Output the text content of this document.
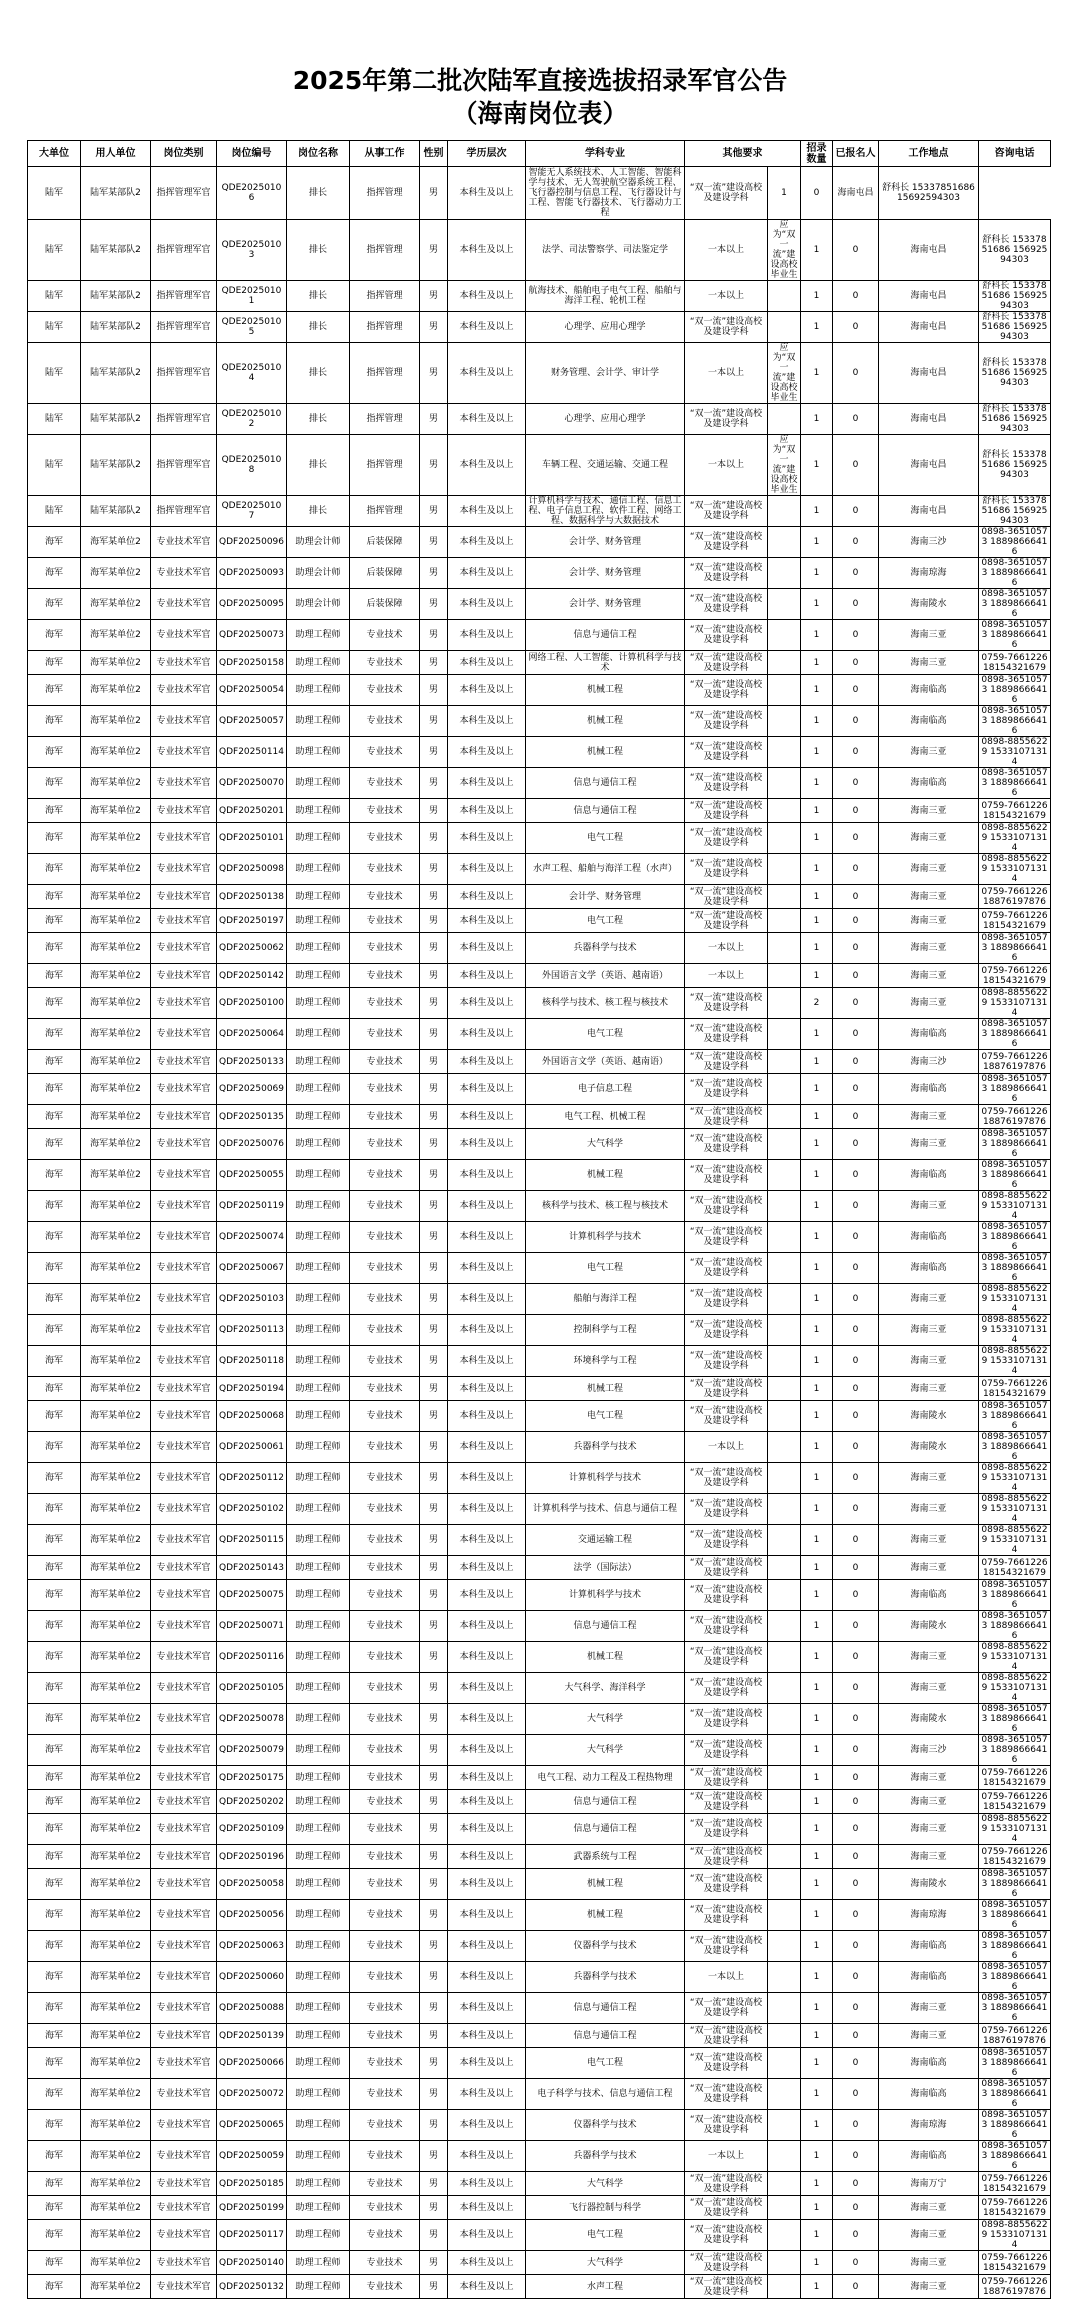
2025年第二批次陆军直接选拔招录军官公告
（海南岗位表）
大单位	用人单位	岗位类别	岗位编号	岗位名称	从事工作	性别	学历层次	学科专业	其他要求		招录数量	已报名人	工作地点	咨询电话
陆军	陆军某部队2	指挥管理军官	QDE20250106	排长	指挥管理	男	本科生及以上	智能无人系统技术、人工智能、智能科学与技术、无人驾驶航空器系统工程、飞行器控制与信息工程、飞行器设计与工程、智能飞行器技术、飞行器动力工程	“双一流”建设高校及建设学科	1	0	海南屯昌	舒科长 15337851686 15692594303	
陆军	陆军某部队2	指挥管理军官	QDE20250103	排长	指挥管理	男	本科生及以上	法学、司法警察学、司法鉴定学	一本以上	应为“双一流”建设高校毕业生	1	0	海南屯昌	舒科长 15337851686 15692594303
陆军	陆军某部队2	指挥管理军官	QDE20250101	排长	指挥管理	男	本科生及以上	航海技术、船舶电子电气工程、船舶与海洋工程、轮机工程	一本以上		1	0	海南屯昌	舒科长 15337851686 15692594303
陆军	陆军某部队2	指挥管理军官	QDE20250105	排长	指挥管理	男	本科生及以上	心理学、应用心理学	“双一流”建设高校及建设学科		1	0	海南屯昌	舒科长 15337851686 15692594303
陆军	陆军某部队2	指挥管理军官	QDE20250104	排长	指挥管理	男	本科生及以上	财务管理、会计学、审计学	一本以上	应为“双一流”建设高校毕业生	1	0	海南屯昌	舒科长 15337851686 15692594303
陆军	陆军某部队2	指挥管理军官	QDE20250102	排长	指挥管理	男	本科生及以上	心理学、应用心理学	“双一流”建设高校及建设学科		1	0	海南屯昌	舒科长 15337851686 15692594303
陆军	陆军某部队2	指挥管理军官	QDE20250108	排长	指挥管理	男	本科生及以上	车辆工程、交通运输、交通工程	一本以上	应为“双一流”建设高校毕业生	1	0	海南屯昌	舒科长 15337851686 15692594303
陆军	陆军某部队2	指挥管理军官	QDE20250107	排长	指挥管理	男	本科生及以上	计算机科学与技术、通信工程、信息工程、电子信息工程、软件工程、网络工程、数据科学与大数据技术	“双一流”建设高校及建设学科		1	0	海南屯昌	舒科长 15337851686 15692594303
海军	海军某单位2	专业技术军官	QDF20250096	助理会计师	后装保障	男	本科生及以上	会计学、财务管理	“双一流”建设高校及建设学科		1	0	海南三沙	0898-36510573 18898666416
海军	海军某单位2	专业技术军官	QDF20250093	助理会计师	后装保障	男	本科生及以上	会计学、财务管理	“双一流”建设高校及建设学科		1	0	海南琼海	0898-36510573 18898666416
海军	海军某单位2	专业技术军官	QDF20250095	助理会计师	后装保障	男	本科生及以上	会计学、财务管理	“双一流”建设高校及建设学科		1	0	海南陵水	0898-36510573 18898666416
海军	海军某单位2	专业技术军官	QDF20250073	助理工程师	专业技术	男	本科生及以上	信息与通信工程	“双一流”建设高校及建设学科		1	0	海南三亚	0898-36510573 18898666416
海军	海军某单位2	专业技术军官	QDF20250158	助理工程师	专业技术	男	本科生及以上	网络工程、人工智能、计算机科学与技术	“双一流”建设高校及建设学科		1	0	海南三亚	0759-7661226 18154321679
海军	海军某单位2	专业技术军官	QDF20250054	助理工程师	专业技术	男	本科生及以上	机械工程	“双一流”建设高校及建设学科		1	0	海南临高	0898-36510573 18898666416
海军	海军某单位2	专业技术军官	QDF20250057	助理工程师	专业技术	男	本科生及以上	机械工程	“双一流”建设高校及建设学科		1	0	海南临高	0898-36510573 18898666416
海军	海军某单位2	专业技术军官	QDF20250114	助理工程师	专业技术	男	本科生及以上	机械工程	“双一流”建设高校及建设学科		1	0	海南三亚	0898-88556229 15331071314
海军	海军某单位2	专业技术军官	QDF20250070	助理工程师	专业技术	男	本科生及以上	信息与通信工程	“双一流”建设高校及建设学科		1	0	海南临高	0898-36510573 18898666416
海军	海军某单位2	专业技术军官	QDF20250201	助理工程师	专业技术	男	本科生及以上	信息与通信工程	“双一流”建设高校及建设学科		1	0	海南三亚	0759-7661226 18154321679
海军	海军某单位2	专业技术军官	QDF20250101	助理工程师	专业技术	男	本科生及以上	电气工程	“双一流”建设高校及建设学科		1	0	海南三亚	0898-88556229 15331071314
海军	海军某单位2	专业技术军官	QDF20250098	助理工程师	专业技术	男	本科生及以上	水声工程、船舶与海洋工程（水声）	“双一流”建设高校及建设学科		1	0	海南三亚	0898-88556229 15331071314
海军	海军某单位2	专业技术军官	QDF20250138	助理工程师	专业技术	男	本科生及以上	会计学、财务管理	“双一流”建设高校及建设学科		1	0	海南三亚	0759-7661226 18876197876
海军	海军某单位2	专业技术军官	QDF20250197	助理工程师	专业技术	男	本科生及以上	电气工程	“双一流”建设高校及建设学科		1	0	海南三亚	0759-7661226 18154321679
海军	海军某单位2	专业技术军官	QDF20250062	助理工程师	专业技术	男	本科生及以上	兵器科学与技术	一本以上		1	0	海南三亚	0898-36510573 18898666416
海军	海军某单位2	专业技术军官	QDF20250142	助理工程师	专业技术	男	本科生及以上	外国语言文学（英语、越南语）	一本以上		1	0	海南三亚	0759-7661226 18154321679
海军	海军某单位2	专业技术军官	QDF20250100	助理工程师	专业技术	男	本科生及以上	核科学与技术、核工程与核技术	“双一流”建设高校及建设学科		2	0	海南三亚	0898-88556229 15331071314
海军	海军某单位2	专业技术军官	QDF20250064	助理工程师	专业技术	男	本科生及以上	电气工程	“双一流”建设高校及建设学科		1	0	海南临高	0898-36510573 18898666416
海军	海军某单位2	专业技术军官	QDF20250133	助理工程师	专业技术	男	本科生及以上	外国语言文学（英语、越南语）	“双一流”建设高校及建设学科		1	0	海南三沙	0759-7661226 18876197876
海军	海军某单位2	专业技术军官	QDF20250069	助理工程师	专业技术	男	本科生及以上	电子信息工程	“双一流”建设高校及建设学科		1	0	海南临高	0898-36510573 18898666416
海军	海军某单位2	专业技术军官	QDF20250135	助理工程师	专业技术	男	本科生及以上	电气工程、机械工程	“双一流”建设高校及建设学科		1	0	海南三亚	0759-7661226 18876197876
海军	海军某单位2	专业技术军官	QDF20250076	助理工程师	专业技术	男	本科生及以上	大气科学	“双一流”建设高校及建设学科		1	0	海南三亚	0898-36510573 18898666416
海军	海军某单位2	专业技术军官	QDF20250055	助理工程师	专业技术	男	本科生及以上	机械工程	“双一流”建设高校及建设学科		1	0	海南临高	0898-36510573 18898666416
海军	海军某单位2	专业技术军官	QDF20250119	助理工程师	专业技术	男	本科生及以上	核科学与技术、核工程与核技术	“双一流”建设高校及建设学科		1	0	海南三亚	0898-88556229 15331071314
海军	海军某单位2	专业技术军官	QDF20250074	助理工程师	专业技术	男	本科生及以上	计算机科学与技术	“双一流”建设高校及建设学科		1	0	海南临高	0898-36510573 18898666416
海军	海军某单位2	专业技术军官	QDF20250067	助理工程师	专业技术	男	本科生及以上	电气工程	“双一流”建设高校及建设学科		1	0	海南临高	0898-36510573 18898666416
海军	海军某单位2	专业技术军官	QDF20250103	助理工程师	专业技术	男	本科生及以上	船舶与海洋工程	“双一流”建设高校及建设学科		1	0	海南三亚	0898-88556229 15331071314
海军	海军某单位2	专业技术军官	QDF20250113	助理工程师	专业技术	男	本科生及以上	控制科学与工程	“双一流”建设高校及建设学科		1	0	海南三亚	0898-88556229 15331071314
海军	海军某单位2	专业技术军官	QDF20250118	助理工程师	专业技术	男	本科生及以上	环境科学与工程	“双一流”建设高校及建设学科		1	0	海南三亚	0898-88556229 15331071314
海军	海军某单位2	专业技术军官	QDF20250194	助理工程师	专业技术	男	本科生及以上	机械工程	“双一流”建设高校及建设学科		1	0	海南三亚	0759-7661226 18154321679
海军	海军某单位2	专业技术军官	QDF20250068	助理工程师	专业技术	男	本科生及以上	电气工程	“双一流”建设高校及建设学科		1	0	海南陵水	0898-36510573 18898666416
海军	海军某单位2	专业技术军官	QDF20250061	助理工程师	专业技术	男	本科生及以上	兵器科学与技术	一本以上		1	0	海南陵水	0898-36510573 18898666416
海军	海军某单位2	专业技术军官	QDF20250112	助理工程师	专业技术	男	本科生及以上	计算机科学与技术	“双一流”建设高校及建设学科		1	0	海南三亚	0898-88556229 15331071314
海军	海军某单位2	专业技术军官	QDF20250102	助理工程师	专业技术	男	本科生及以上	计算机科学与技术、信息与通信工程	“双一流”建设高校及建设学科		1	0	海南三亚	0898-88556229 15331071314
海军	海军某单位2	专业技术军官	QDF20250115	助理工程师	专业技术	男	本科生及以上	交通运输工程	“双一流”建设高校及建设学科		1	0	海南三亚	0898-88556229 15331071314
海军	海军某单位2	专业技术军官	QDF20250143	助理工程师	专业技术	男	本科生及以上	法学（国际法）	“双一流”建设高校及建设学科		1	0	海南三亚	0759-7661226 18154321679
海军	海军某单位2	专业技术军官	QDF20250075	助理工程师	专业技术	男	本科生及以上	计算机科学与技术	“双一流”建设高校及建设学科		1	0	海南临高	0898-36510573 18898666416
海军	海军某单位2	专业技术军官	QDF20250071	助理工程师	专业技术	男	本科生及以上	信息与通信工程	“双一流”建设高校及建设学科		1	0	海南陵水	0898-36510573 18898666416
海军	海军某单位2	专业技术军官	QDF20250116	助理工程师	专业技术	男	本科生及以上	机械工程	“双一流”建设高校及建设学科		1	0	海南三亚	0898-88556229 15331071314
海军	海军某单位2	专业技术军官	QDF20250105	助理工程师	专业技术	男	本科生及以上	大气科学、海洋科学	“双一流”建设高校及建设学科		1	0	海南三亚	0898-88556229 15331071314
海军	海军某单位2	专业技术军官	QDF20250078	助理工程师	专业技术	男	本科生及以上	大气科学	“双一流”建设高校及建设学科		1	0	海南陵水	0898-36510573 18898666416
海军	海军某单位2	专业技术军官	QDF20250079	助理工程师	专业技术	男	本科生及以上	大气科学	“双一流”建设高校及建设学科		1	0	海南三沙	0898-36510573 18898666416
海军	海军某单位2	专业技术军官	QDF20250175	助理工程师	专业技术	男	本科生及以上	电气工程、动力工程及工程热物理	“双一流”建设高校及建设学科		1	0	海南三亚	0759-7661226 18154321679
海军	海军某单位2	专业技术军官	QDF20250202	助理工程师	专业技术	男	本科生及以上	信息与通信工程	“双一流”建设高校及建设学科		1	0	海南三亚	0759-7661226 18154321679
海军	海军某单位2	专业技术军官	QDF20250109	助理工程师	专业技术	男	本科生及以上	信息与通信工程	“双一流”建设高校及建设学科		1	0	海南三亚	0898-88556229 15331071314
海军	海军某单位2	专业技术军官	QDF20250196	助理工程师	专业技术	男	本科生及以上	武器系统与工程	“双一流”建设高校及建设学科		1	0	海南三亚	0759-7661226 18154321679
海军	海军某单位2	专业技术军官	QDF20250058	助理工程师	专业技术	男	本科生及以上	机械工程	“双一流”建设高校及建设学科		1	0	海南陵水	0898-36510573 18898666416
海军	海军某单位2	专业技术军官	QDF20250056	助理工程师	专业技术	男	本科生及以上	机械工程	“双一流”建设高校及建设学科		1	0	海南琼海	0898-36510573 18898666416
海军	海军某单位2	专业技术军官	QDF20250063	助理工程师	专业技术	男	本科生及以上	仪器科学与技术	“双一流”建设高校及建设学科		1	0	海南临高	0898-36510573 18898666416
海军	海军某单位2	专业技术军官	QDF20250060	助理工程师	专业技术	男	本科生及以上	兵器科学与技术	一本以上		1	0	海南临高	0898-36510573 18898666416
海军	海军某单位2	专业技术军官	QDF20250088	助理工程师	专业技术	男	本科生及以上	信息与通信工程	“双一流”建设高校及建设学科		1	0	海南三亚	0898-36510573 18898666416
海军	海军某单位2	专业技术军官	QDF20250139	助理工程师	专业技术	男	本科生及以上	信息与通信工程	“双一流”建设高校及建设学科		1	0	海南三亚	0759-7661226 18876197876
海军	海军某单位2	专业技术军官	QDF20250066	助理工程师	专业技术	男	本科生及以上	电气工程	“双一流”建设高校及建设学科		1	0	海南临高	0898-36510573 18898666416
海军	海军某单位2	专业技术军官	QDF20250072	助理工程师	专业技术	男	本科生及以上	电子科学与技术、信息与通信工程	“双一流”建设高校及建设学科		1	0	海南临高	0898-36510573 18898666416
海军	海军某单位2	专业技术军官	QDF20250065	助理工程师	专业技术	男	本科生及以上	仪器科学与技术	“双一流”建设高校及建设学科		1	0	海南琼海	0898-36510573 18898666416
海军	海军某单位2	专业技术军官	QDF20250059	助理工程师	专业技术	男	本科生及以上	兵器科学与技术	一本以上		1	0	海南临高	0898-36510573 18898666416
海军	海军某单位2	专业技术军官	QDF20250185	助理工程师	专业技术	男	本科生及以上	大气科学	“双一流”建设高校及建设学科		1	0	海南万宁	0759-7661226 18154321679
海军	海军某单位2	专业技术军官	QDF20250199	助理工程师	专业技术	男	本科生及以上	飞行器控制与科学	“双一流”建设高校及建设学科		1	0	海南三亚	0759-7661226 18154321679
海军	海军某单位2	专业技术军官	QDF20250117	助理工程师	专业技术	男	本科生及以上	电气工程	“双一流”建设高校及建设学科		1	0	海南三亚	0898-88556229 15331071314
海军	海军某单位2	专业技术军官	QDF20250140	助理工程师	专业技术	男	本科生及以上	大气科学	“双一流”建设高校及建设学科		1	0	海南三亚	0759-7661226 18154321679
海军	海军某单位2	专业技术军官	QDF20250132	助理工程师	专业技术	男	本科生及以上	水声工程	“双一流”建设高校及建设学科		1	0	海南三亚	0759-7661226 18876197876
